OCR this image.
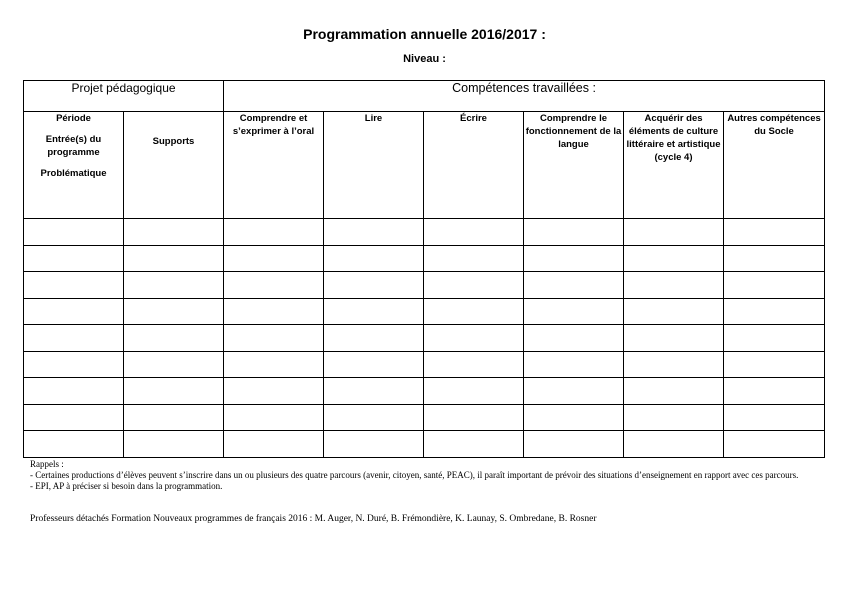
Programmation annuelle 2016/2017 :
Niveau :
Projet pédagogique		Compétences travaillées :					
Période
Entrée(s) du programme
Problématique	Supports	Comprendre et s’exprimer à l’oral	Lire	Écrire	Comprendre le fonctionnement de la langue	Acquérir des éléments de culture littéraire et artistique (cycle 4)	Autres compétences du Socle

Rappels :
- Certaines productions d’élèves peuvent s’inscrire dans un ou plusieurs des quatre parcours (avenir, citoyen, santé, PEAC), il paraît important de prévoir des situations d’enseignement en rapport avec ces parcours.
- EPI, AP à préciser si besoin dans la programmation.
Professeurs détachés Formation Nouveaux programmes de français 2016 : M. Auger, N. Duré, B. Frémondière, K. Launay, S. Ombredane, B. Rosner
